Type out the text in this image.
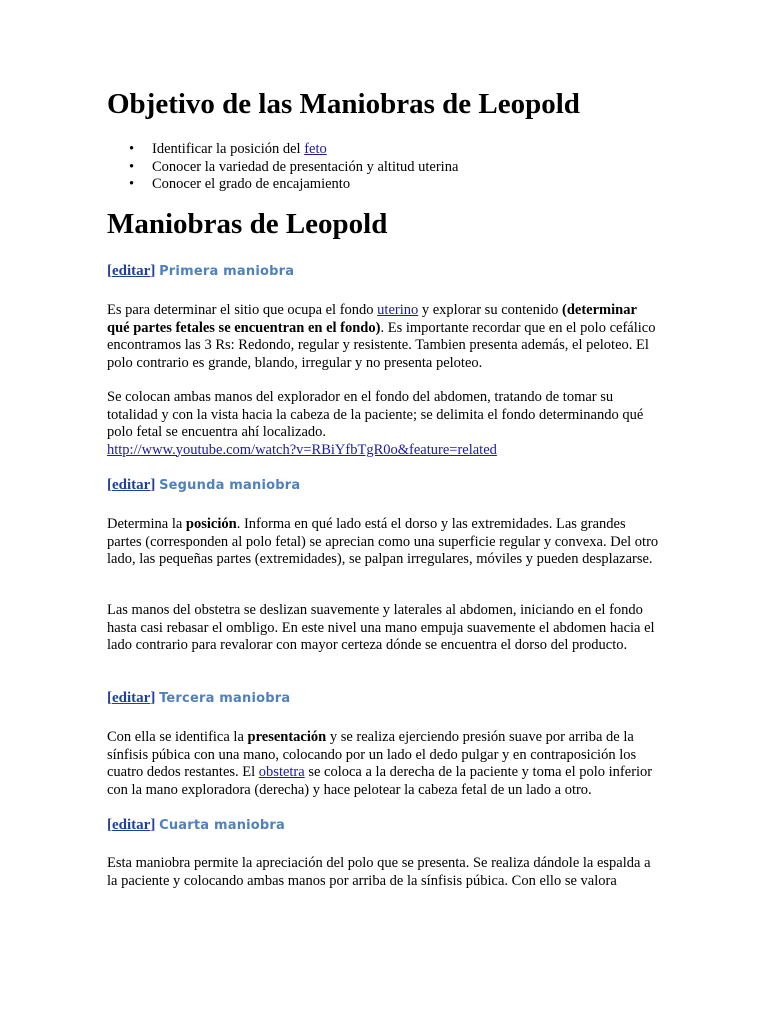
Objetivo de las Maniobras de Leopold
• Identificar la posición del feto
• Conocer la variedad de presentación y altitud uterina
• Conocer el grado de encajamiento
Maniobras de Leopold
[editar] Primera maniobra

Es para determinar el sitio que ocupa el fondo uterino y explorar su contenido (determinar qué partes fetales se encuentran en el fondo). Es importante recordar que en el polo cefálico encontramos las 3 Rs: Redondo, regular y resistente. Tambien presenta además, el peloteo. El polo contrario es grande, blando, irregular y no presenta peloteo.

Se colocan ambas manos del explorador en el fondo del abdomen, tratando de tomar su totalidad y con la vista hacia la cabeza de la paciente; se delimita el fondo determinando qué polo fetal se encuentra ahí localizado.
http://www.youtube.com/watch?v=RBiYfbTgR0o&feature=related

[editar] Segunda maniobra

Determina la posición. Informa en qué lado está el dorso y las extremidades. Las grandes partes (corresponden al polo fetal) se aprecian como una superficie regular y convexa. Del otro lado, las pequeñas partes (extremidades), se palpan irregulares, móviles y pueden desplazarse.

Las manos del obstetra se deslizan suavemente y laterales al abdomen, iniciando en el fondo hasta casi rebasar el ombligo. En este nivel una mano empuja suavemente el abdomen hacia el lado contrario para revalorar con mayor certeza dónde se encuentra el dorso del producto.

[editar] Tercera maniobra

Con ella se identifica la presentación y se realiza ejerciendo presión suave por arriba de la sínfisis púbica con una mano, colocando por un lado el dedo pulgar y en contraposición los cuatro dedos restantes. El obstetra se coloca a la derecha de la paciente y toma el polo inferior con la mano exploradora (derecha) y hace pelotear la cabeza fetal de un lado a otro.

[editar] Cuarta maniobra

Esta maniobra permite la apreciación del polo que se presenta. Se realiza dándole la espalda a la paciente y colocando ambas manos por arriba de la sínfisis púbica. Con ello se valora
